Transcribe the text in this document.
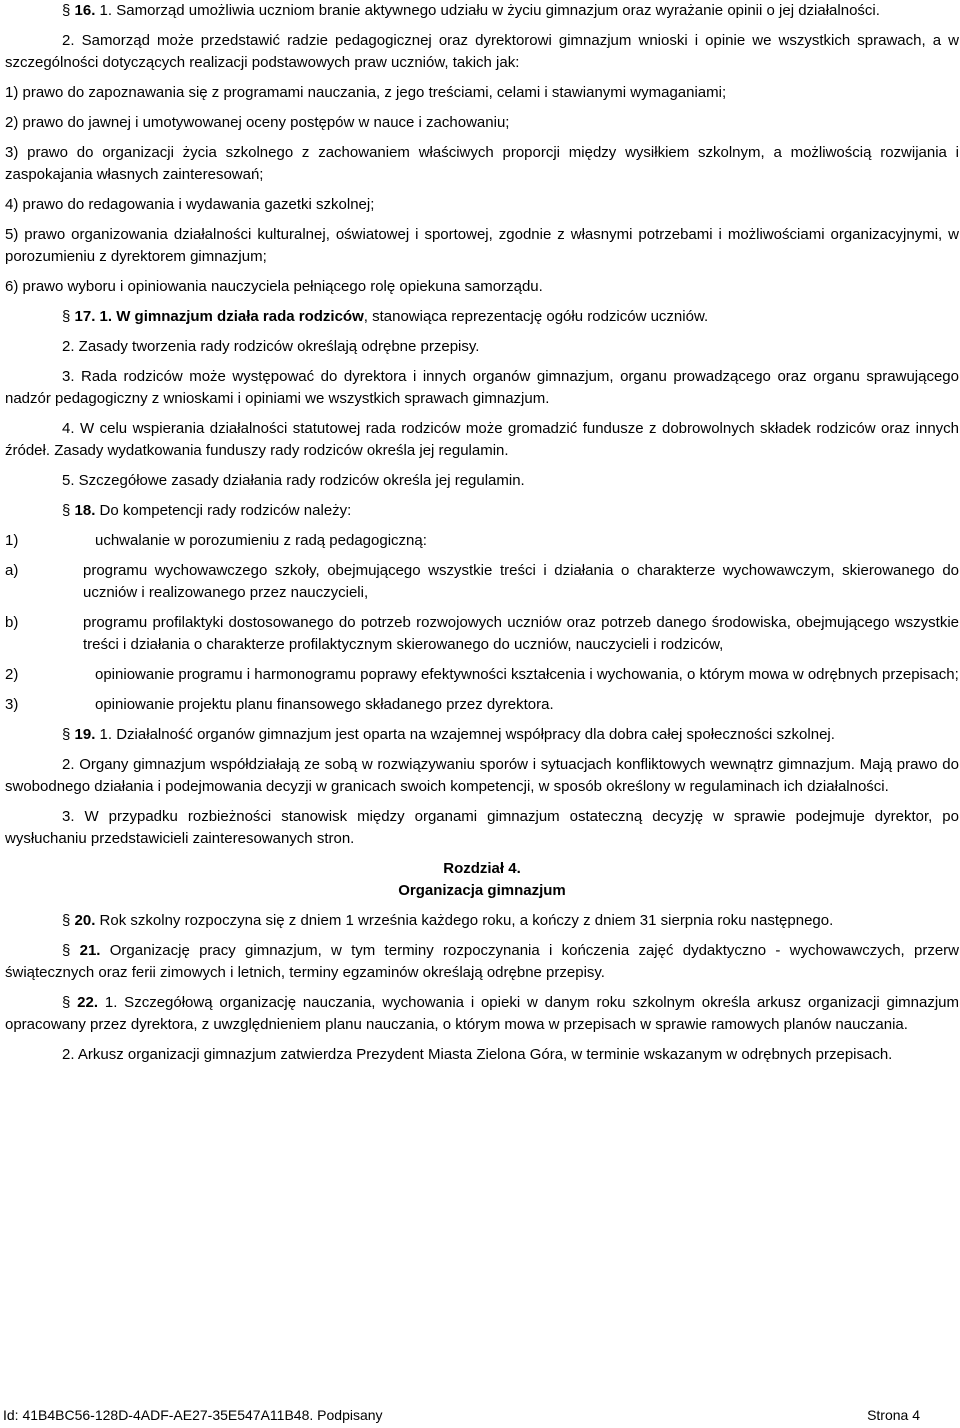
§ 16. 1. Samorząd umożliwia uczniom branie aktywnego udziału w życiu gimnazjum oraz wyrażanie opinii o jej działalności.

2. Samorząd może przedstawić radzie pedagogicznej oraz dyrektorowi gimnazjum wnioski i opinie we wszystkich sprawach, a w szczególności dotyczących realizacji podstawowych praw uczniów, takich jak:

1) prawo do zapoznawania się z programami nauczania, z jego treściami, celami i stawianymi wymaganiami;

2) prawo do jawnej i umotywowanej oceny postępów w nauce i zachowaniu;

3) prawo do organizacji życia szkolnego z zachowaniem właściwych proporcji między wysiłkiem szkolnym, a możliwością rozwijania i zaspokajania własnych zainteresowań;

4) prawo do redagowania i wydawania gazetki szkolnej;

5) prawo organizowania działalności kulturalnej, oświatowej i sportowej, zgodnie z własnymi potrzebami i możliwościami organizacyjnymi, w porozumieniu z dyrektorem gimnazjum;

6) prawo wyboru i opiniowania nauczyciela pełniącego rolę opiekuna samorządu.

§ 17. 1. W gimnazjum działa rada rodziców, stanowiąca reprezentację ogółu rodziców uczniów.

2. Zasady tworzenia rady rodziców określają odrębne przepisy.

3. Rada rodziców może występować do dyrektora i innych organów gimnazjum, organu prowadzącego oraz organu sprawującego nadzór pedagogiczny z wnioskami i opiniami we wszystkich sprawach gimnazjum.

4. W celu wspierania działalności statutowej rada rodziców może gromadzić fundusze z dobrowolnych składek rodziców oraz innych źródeł. Zasady wydatkowania funduszy rady rodziców określa jej regulamin.

5. Szczegółowe zasady działania rady rodziców określa jej regulamin.

§ 18. Do kompetencji rady rodziców należy:

1)	uchwalanie w porozumieniu z radą pedagogiczną:
a)	programu wychowawczego szkoły, obejmującego wszystkie treści i działania o charakterze wychowawczym, skierowanego do uczniów i realizowanego przez nauczycieli,
b)	programu profilaktyki dostosowanego do potrzeb rozwojowych uczniów oraz potrzeb danego środowiska, obejmującego wszystkie treści i działania o charakterze profilaktycznym skierowanego do uczniów, nauczycieli i rodziców,
2)	opiniowanie programu i harmonogramu poprawy efektywności kształcenia i wychowania, o którym mowa w odrębnych przepisach;
3)	opiniowanie projektu planu finansowego składanego przez dyrektora.

§ 19. 1. Działalność organów gimnazjum jest oparta na wzajemnej współpracy dla dobra całej społeczności szkolnej.

2. Organy gimnazjum współdziałają ze sobą w rozwiązywaniu sporów i sytuacjach konfliktowych wewnątrz gimnazjum. Mają prawo do swobodnego działania i podejmowania decyzji w granicach swoich kompetencji, w sposób określony w regulaminach ich działalności.

3. W przypadku rozbieżności stanowisk między organami gimnazjum ostateczną decyzję w sprawie podejmuje dyrektor, po wysłuchaniu przedstawicieli zainteresowanych stron.

Rozdział 4.
Organizacja gimnazjum

§ 20. Rok szkolny rozpoczyna się z dniem 1 września każdego roku, a kończy z dniem 31 sierpnia roku następnego.

§ 21. Organizację pracy gimnazjum, w tym terminy rozpoczynania i kończenia zajęć dydaktyczno - wychowawczych, przerw świątecznych oraz ferii zimowych i letnich, terminy egzaminów określają odrębne przepisy.

§ 22. 1. Szczegółową organizację nauczania, wychowania i opieki w danym roku szkolnym określa arkusz organizacji gimnazjum opracowany przez dyrektora, z uwzględnieniem planu nauczania, o którym mowa w przepisach w sprawie ramowych planów nauczania.

2. Arkusz organizacji gimnazjum zatwierdza Prezydent Miasta Zielona Góra, w terminie wskazanym w odrębnych przepisach.

Id: 41B4BC56-128D-4ADF-AE27-35E547A11B48. Podpisany	Strona 4
